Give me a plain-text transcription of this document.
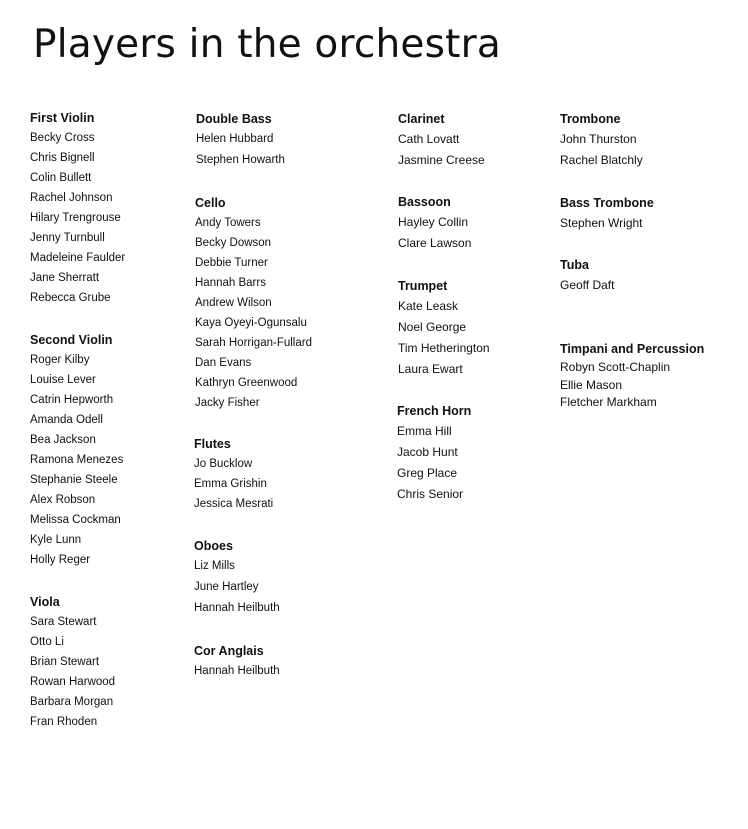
Players in the orchestra
First Violin
Becky Cross
Chris Bignell
Colin Bullett
Rachel Johnson
Hilary Trengrouse
Jenny Turnbull
Madeleine Faulder
Jane Sherratt
Rebecca Grube
Second Violin
Roger Kilby
Louise Lever
Catrin Hepworth
Amanda Odell
Bea Jackson
Ramona Menezes
Stephanie Steele
Alex Robson
Melissa Cockman
Kyle Lunn
Holly Reger
Viola
Sara Stewart
Otto Li
Brian Stewart
Rowan Harwood
Barbara Morgan
Fran Rhoden
Double Bass
Helen Hubbard
Stephen Howarth
Cello
Andy Towers
Becky Dowson
Debbie Turner
Hannah Barrs
Andrew Wilson
Kaya Oyeyi-Ogunsalu
Sarah Horrigan-Fullard
Dan Evans
Kathryn Greenwood
Jacky Fisher
Flutes
Jo Bucklow
Emma Grishin
Jessica Mesrati
Oboes
Liz Mills
June Hartley
Hannah Heilbuth
Cor Anglais
Hannah Heilbuth
Clarinet
Cath Lovatt
Jasmine Creese
Bassoon
Hayley Collin
Clare Lawson
Trumpet
Kate Leask
Noel George
Tim Hetherington
Laura Ewart
French Horn
Emma Hill
Jacob Hunt
Greg Place
Chris Senior
Trombone
John Thurston
Rachel Blatchly
Bass Trombone
Stephen Wright
Tuba
Geoff Daft
Timpani and Percussion
Robyn Scott-Chaplin
Ellie Mason
Fletcher Markham
